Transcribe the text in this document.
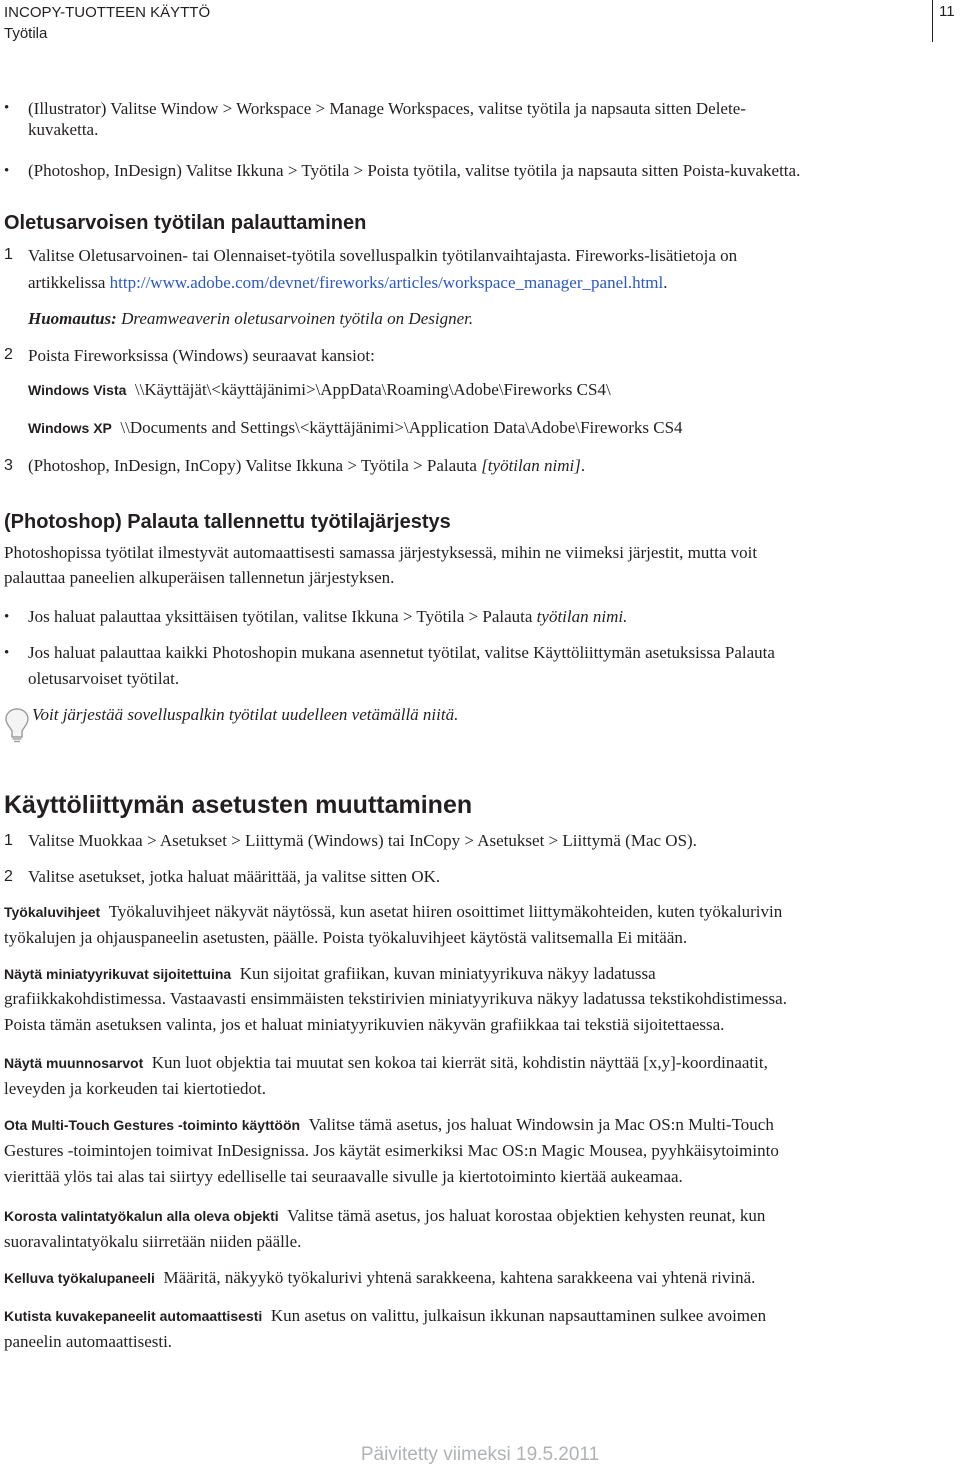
INCOPY-TUOTTEEN KÄYTTÖ
Työtila
11
• (Illustrator) Valitse Window > Workspace > Manage Workspaces, valitse työtila ja napsauta sitten Delete-
kuvaketta.
• (Photoshop, InDesign) Valitse Ikkuna > Työtila > Poista työtila, valitse työtila ja napsauta sitten Poista-kuvaketta.
Oletusarvoisen työtilan palauttaminen
1 Valitse Oletusarvoinen- tai Olennaiset-työtila sovelluspalkin työtilanvaihtajasta. Fireworks-lisätietoja on
artikkelissa http://www.adobe.com/devnet/fireworks/articles/workspace_manager_panel.html.
Huomautus: Dreamweaverin oletusarvoinen työtila on Designer.
2 Poista Fireworksissa (Windows) seuraavat kansiot:
Windows Vista \\Käyttäjät\<käyttäjänimi>\AppData\Roaming\Adobe\Fireworks CS4\
Windows XP \\Documents and Settings\<käyttäjänimi>\Application Data\Adobe\Fireworks CS4
3 (Photoshop, InDesign, InCopy) Valitse Ikkuna > Työtila > Palauta [työtilan nimi].
(Photoshop) Palauta tallennettu työtilajärjestys
Photoshopissa työtilat ilmestyvät automaattisesti samassa järjestyksessä, mihin ne viimeksi järjestit, mutta voit
palauttaa paneelien alkuperäisen tallennetun järjestyksen.
• Jos haluat palauttaa yksittäisen työtilan, valitse Ikkuna > Työtila > Palauta työtilan nimi.
• Jos haluat palauttaa kaikki Photoshopin mukana asennetut työtilat, valitse Käyttöliittymän asetuksissa Palauta
oletusarvoiset työtilat.
Voit järjestää sovelluspalkin työtilat uudelleen vetämällä niitä.
Käyttöliittymän asetusten muuttaminen
1 Valitse Muokkaa > Asetukset > Liittymä (Windows) tai InCopy > Asetukset > Liittymä (Mac OS).
2 Valitse asetukset, jotka haluat määrittää, ja valitse sitten OK.
Työkaluvihjeet Työkaluvihjeet näkyvät näytössä, kun asetat hiiren osoittimet liittymäkohteiden, kuten työkalurivin
työkalujen ja ohjauspaneelin asetusten, päälle. Poista työkaluvihjeet käytöstä valitsemalla Ei mitään.
Näytä miniatyyrikuvat sijoitettuina Kun sijoitat grafiikan, kuvan miniatyyrikuva näkyy ladatussa
grafiikkakohdistimessa. Vastaavasti ensimmäisten tekstirivien miniatyyrikuva näkyy ladatussa tekstikohdistimessa.
Poista tämän asetuksen valinta, jos et haluat miniatyyrikuvien näkyvän grafiikkaa tai tekstiä sijoitettaessa.
Näytä muunnosarvot Kun luot objektia tai muutat sen kokoa tai kierrät sitä, kohdistin näyttää [x,y]-koordinaatit,
leveyden ja korkeuden tai kiertotiedot.
Ota Multi-Touch Gestures -toiminto käyttöön Valitse tämä asetus, jos haluat Windowsin ja Mac OS:n Multi-Touch
Gestures -toimintojen toimivat InDesignissa. Jos käytät esimerkiksi Mac OS:n Magic Mousea, pyyhkäisytoiminto
vierittää ylös tai alas tai siirtyy edelliselle tai seuraavalle sivulle ja kiertotoiminto kiertää aukeamaa.
Korosta valintatyökalun alla oleva objekti Valitse tämä asetus, jos haluat korostaa objektien kehysten reunat, kun
suoravalintatyökalu siirretään niiden päälle.
Kelluva työkalupaneeli Määritä, näkyykö työkalurivi yhtenä sarakkeena, kahtena sarakkeena vai yhtenä rivinä.
Kutista kuvakepaneelit automaattisesti Kun asetus on valittu, julkaisun ikkunan napsauttaminen sulkee avoimen
paneelin automaattisesti.
Päivitetty viimeksi 19.5.2011
